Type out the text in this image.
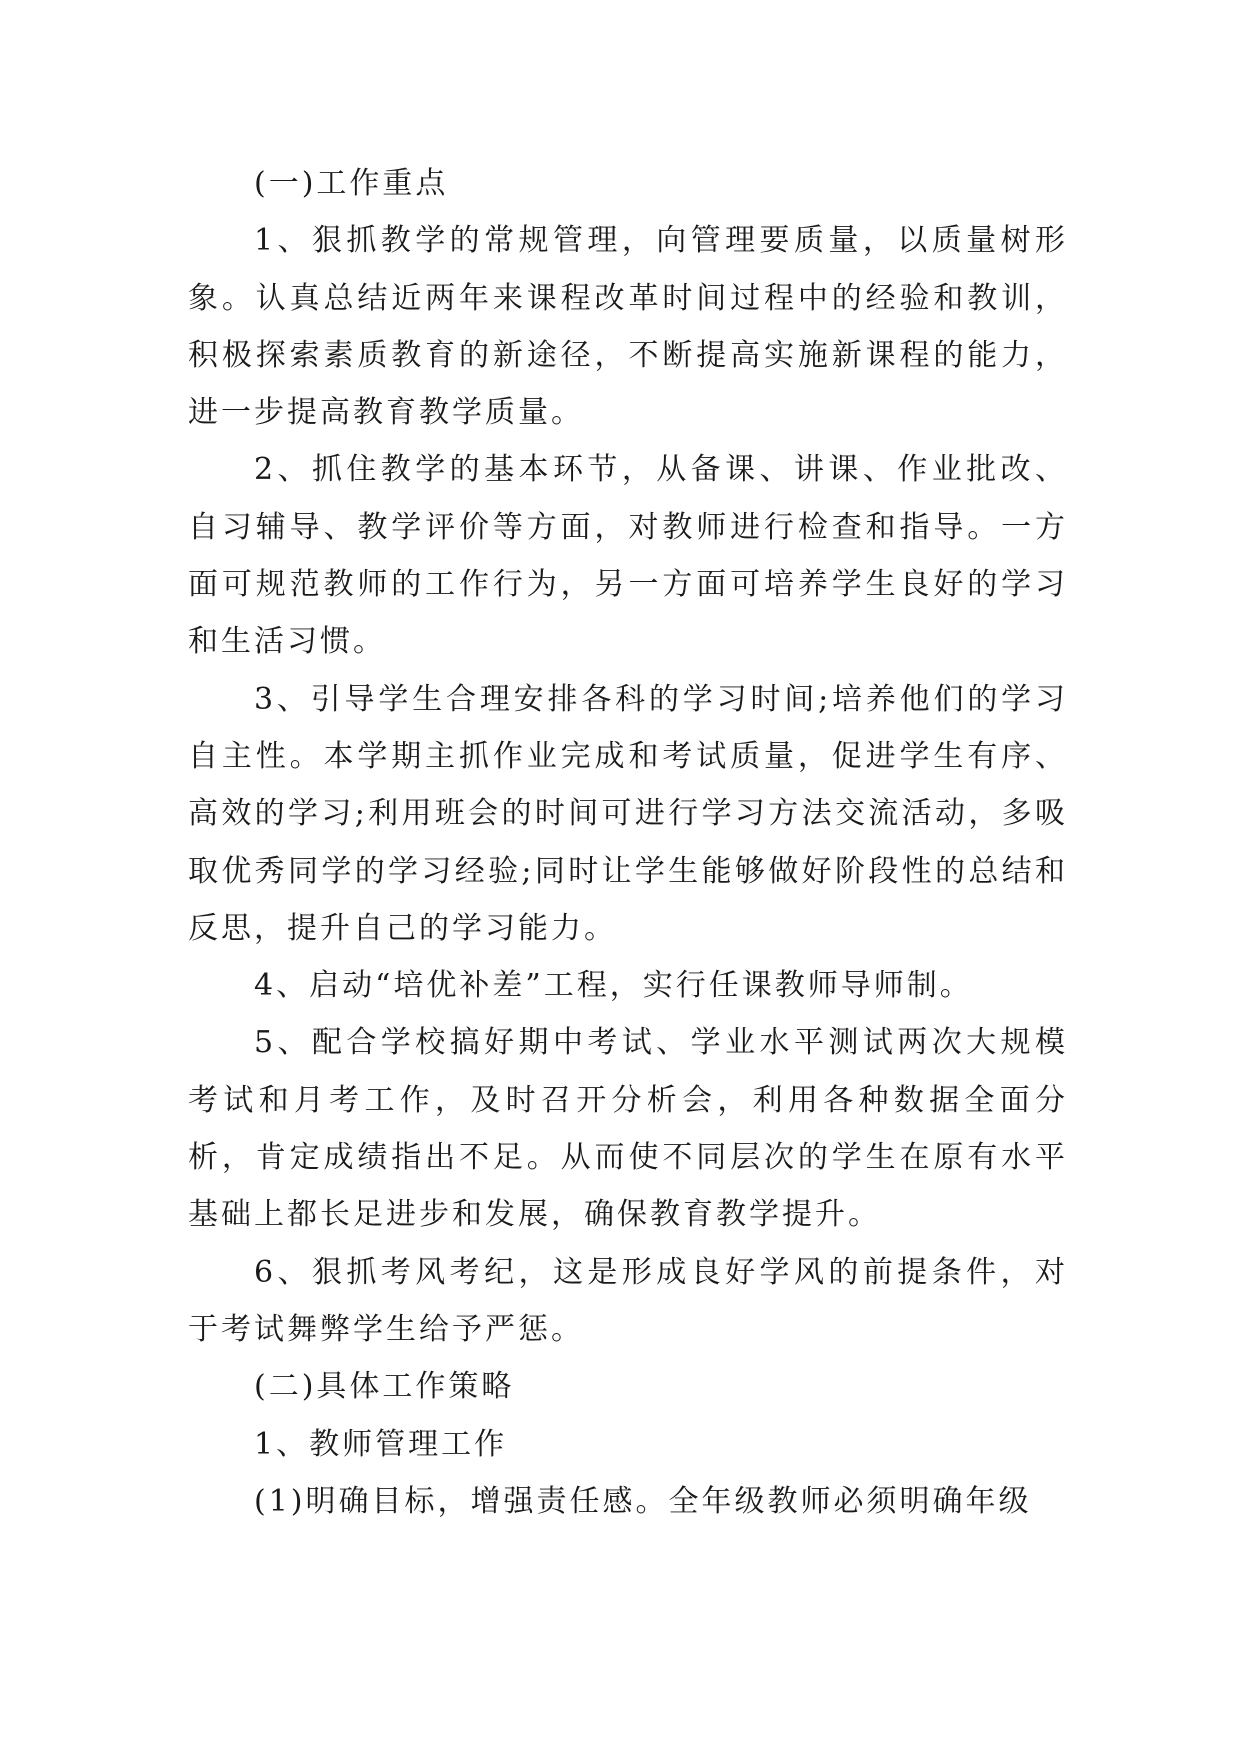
(一)工作重点

1、狠抓教学的常规管理，向管理要质量，以质量树形象。认真总结近两年来课程改革时间过程中的经验和教训，积极探索素质教育的新途径，不断提高实施新课程的能力，进一步提高教育教学质量。

2、抓住教学的基本环节，从备课、讲课、作业批改、自习辅导、教学评价等方面，对教师进行检查和指导。一方面可规范教师的工作行为，另一方面可培养学生良好的学习和生活习惯。

3、引导学生合理安排各科的学习时间;培养他们的学习自主性。本学期主抓作业完成和考试质量，促进学生有序、高效的学习;利用班会的时间可进行学习方法交流活动，多吸取优秀同学的学习经验;同时让学生能够做好阶段性的总结和反思，提升自己的学习能力。

4、启动“培优补差”工程，实行任课教师导师制。

5、配合学校搞好期中考试、学业水平测试两次大规模考试和月考工作，及时召开分析会，利用各种数据全面分析，肯定成绩指出不足。从而使不同层次的学生在原有水平基础上都长足进步和发展，确保教育教学提升。

6、狠抓考风考纪，这是形成良好学风的前提条件，对于考试舞弊学生给予严惩。

(二)具体工作策略

1、教师管理工作

(1)明确目标，增强责任感。全年级教师必须明确年级
